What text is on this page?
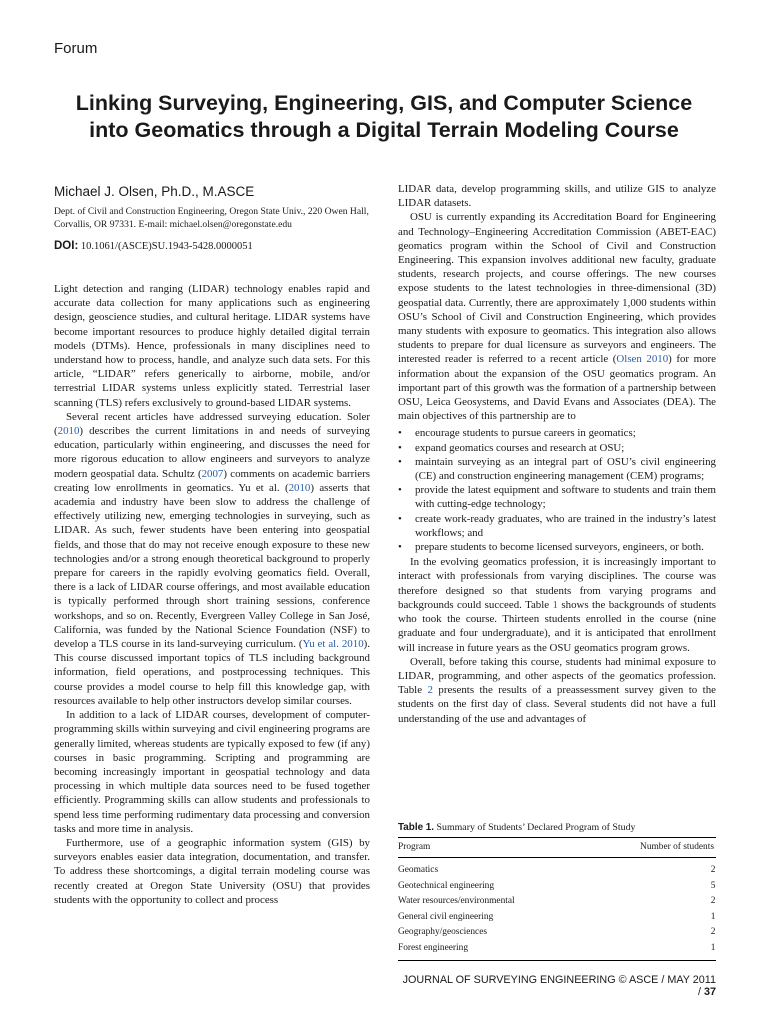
Forum
Linking Surveying, Engineering, GIS, and Computer Science into Geomatics through a Digital Terrain Modeling Course
Michael J. Olsen, Ph.D., M.ASCE
Dept. of Civil and Construction Engineering, Oregon State Univ., 220 Owen Hall, Corvallis, OR 97331. E-mail: michael.olsen@oregonstate.edu
DOI: 10.1061/(ASCE)SU.1943-5428.0000051

Light detection and ranging (LIDAR) technology enables rapid and accurate data collection for many applications such as engineering design, geoscience studies, and cultural heritage. LIDAR systems have become important resources to produce highly detailed digital terrain models (DTMs). Hence, professionals in many disciplines need to understand how to process, handle, and analyze such data sets. For this article, “LIDAR” refers generically to airborne, mobile, and/or terrestrial LIDAR systems unless explicitly stated. Terrestrial laser scanning (TLS) refers exclusively to ground-based LIDAR systems.

Several recent articles have addressed surveying education. Soler (2010) describes the current limitations in and needs of surveying education, particularly within engineering, and discusses the need for more rigorous education to allow engineers and surveyors to analyze modern geospatial data. Schultz (2007) comments on academic barriers creating low enrollments in geomatics. Yu et al. (2010) asserts that academia and industry have been slow to address the challenge of effectively utilizing new, emerging technologies in surveying, such as LIDAR. As such, fewer students have been entering into geospatial fields, and those that do may not receive enough exposure to these new technologies and/or a strong enough theoretical background to properly prepare for careers in the rapidly evolving geomatics field. Overall, there is a lack of LIDAR course offerings, and most available education is typically performed through short training sessions, conference workshops, and so on. Recently, Evergreen Valley College in San José, California, was funded by the National Science Foundation (NSF) to develop a TLS course in its land-surveying curriculum. (Yu et al. 2010). This course discussed important topics of TLS including background information, field operations, and postprocessing techniques. This course provides a model course to help fill this knowledge gap, with resources available to help other instructors develop similar courses.

In addition to a lack of LIDAR courses, development of computer-programming skills within surveying and civil engineering programs are generally limited, whereas students are typically exposed to few (if any) courses in basic programming. Scripting and programming are becoming increasingly important in geospatial technology and data processing in which multiple data sources need to be fused together efficiently. Programming skills can allow students and professionals to spend less time performing rudimentary data processing and conversion tasks and more time in analysis.

Furthermore, use of a geographic information system (GIS) by surveyors enables easier data integration, documentation, and transfer. To address these shortcomings, a digital terrain modeling course was recently created at Oregon State University (OSU) that provides students with the opportunity to collect and process

LIDAR data, develop programming skills, and utilize GIS to analyze LIDAR datasets.

OSU is currently expanding its Accreditation Board for Engineering and Technology–Engineering Accreditation Commission (ABET-EAC) geomatics program within the School of Civil and Construction Engineering. This expansion involves additional new faculty, graduate students, research projects, and course offerings. The new courses expose students to the latest technologies in three-dimensional (3D) geospatial data. Currently, there are approximately 1,000 students within OSU’s School of Civil and Construction Engineering, which provides many students with exposure to geomatics. This integration also allows students to prepare for dual licensure as surveyors and engineers. The interested reader is referred to a recent article (Olsen 2010) for more information about the expansion of the OSU geomatics program. An important part of this growth was the formation of a partnership between OSU, Leica Geosystems, and David Evans and Associates (DEA). The main objectives of this partnership are to

• encourage students to pursue careers in geomatics;
• expand geomatics courses and research at OSU;
• maintain surveying as an integral part of OSU’s civil engineering (CE) and construction engineering management (CEM) programs;
• provide the latest equipment and software to students and train them with cutting-edge technology;
• create work-ready graduates, who are trained in the industry’s latest workflows; and
• prepare students to become licensed surveyors, engineers, or both.

In the evolving geomatics profession, it is increasingly important to interact with professionals from varying disciplines. The course was therefore designed so that students from varying programs and backgrounds could succeed. Table 1 shows the backgrounds of students who took the course. Thirteen students enrolled in the course (nine graduate and four undergraduate), and it is anticipated that enrollment will increase in future years as the OSU geomatics program grows.

Overall, before taking this course, students had minimal exposure to LIDAR, programming, and other aspects of the geomatics profession. Table 2 presents the results of a preassessment survey given to the students on the first day of class. Several students did not have a full understanding of the use and advantages of

Table 1. Summary of Students’ Declared Program of Study
Program	Number of students
Geomatics	2
Geotechnical engineering	5
Water resources/environmental	2
General civil engineering	1
Geography/geosciences	2
Forest engineering	1
JOURNAL OF SURVEYING ENGINEERING © ASCE / MAY 2011 / 37
